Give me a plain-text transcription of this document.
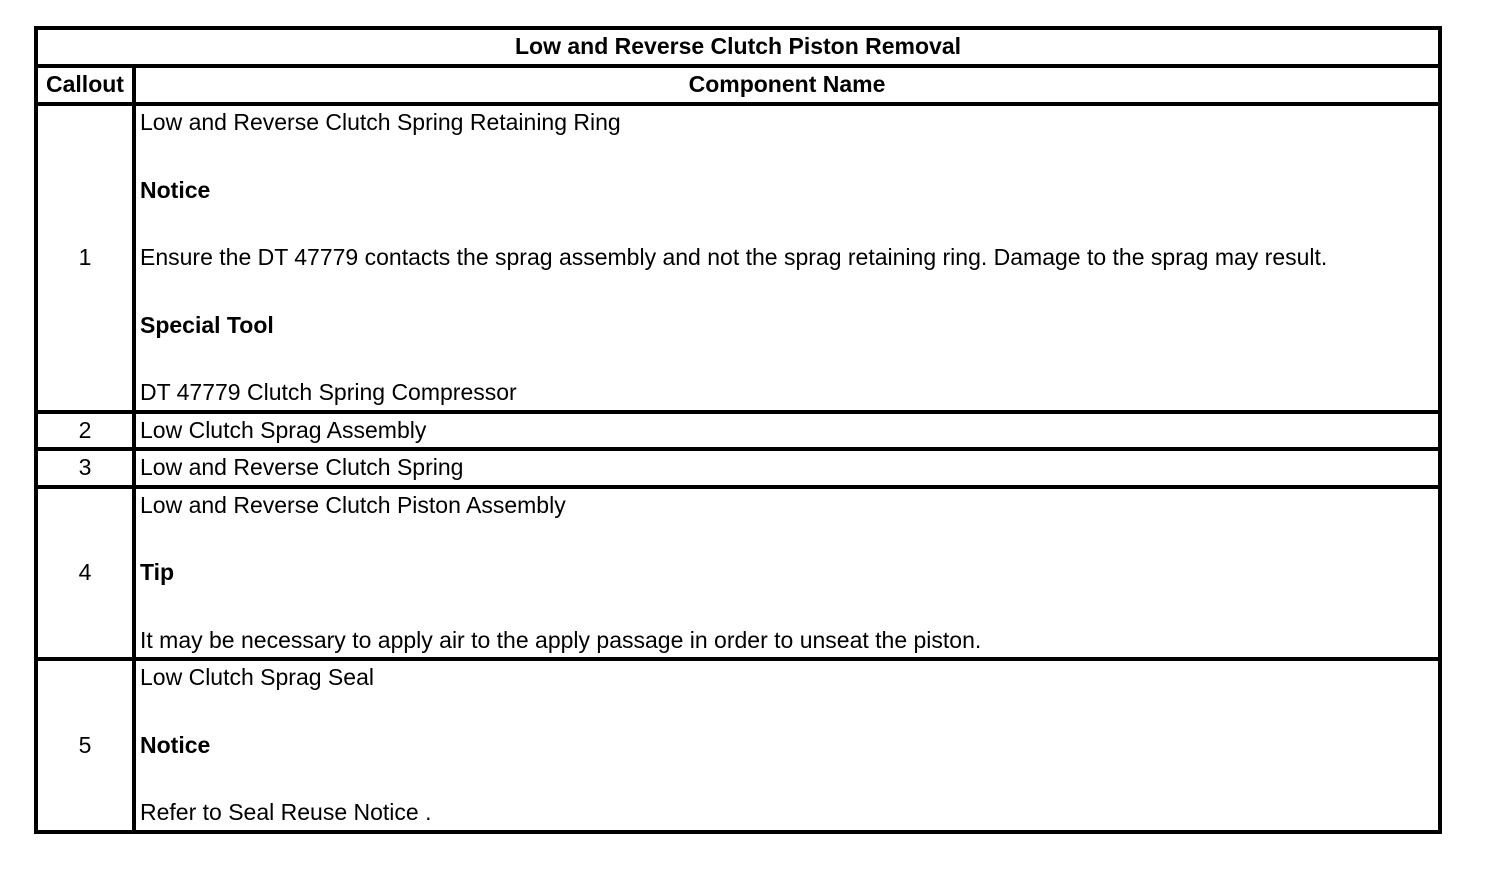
Low and Reverse Clutch Piston Removal	
Callout	Component Name
1	Low and Reverse Clutch Spring Retaining Ring
Notice
Ensure the DT 47779 contacts the sprag assembly and not the sprag retaining ring. Damage to the sprag may result.
Special Tool
DT 47779 Clutch Spring Compressor

2	Low Clutch Sprag Assembly

3	Low and Reverse Clutch Spring

4	Low and Reverse Clutch Piston Assembly
Tip
It may be necessary to apply air to the apply passage in order to unseat the piston.

5	Low Clutch Sprag Seal
Notice
Refer to Seal Reuse Notice .
